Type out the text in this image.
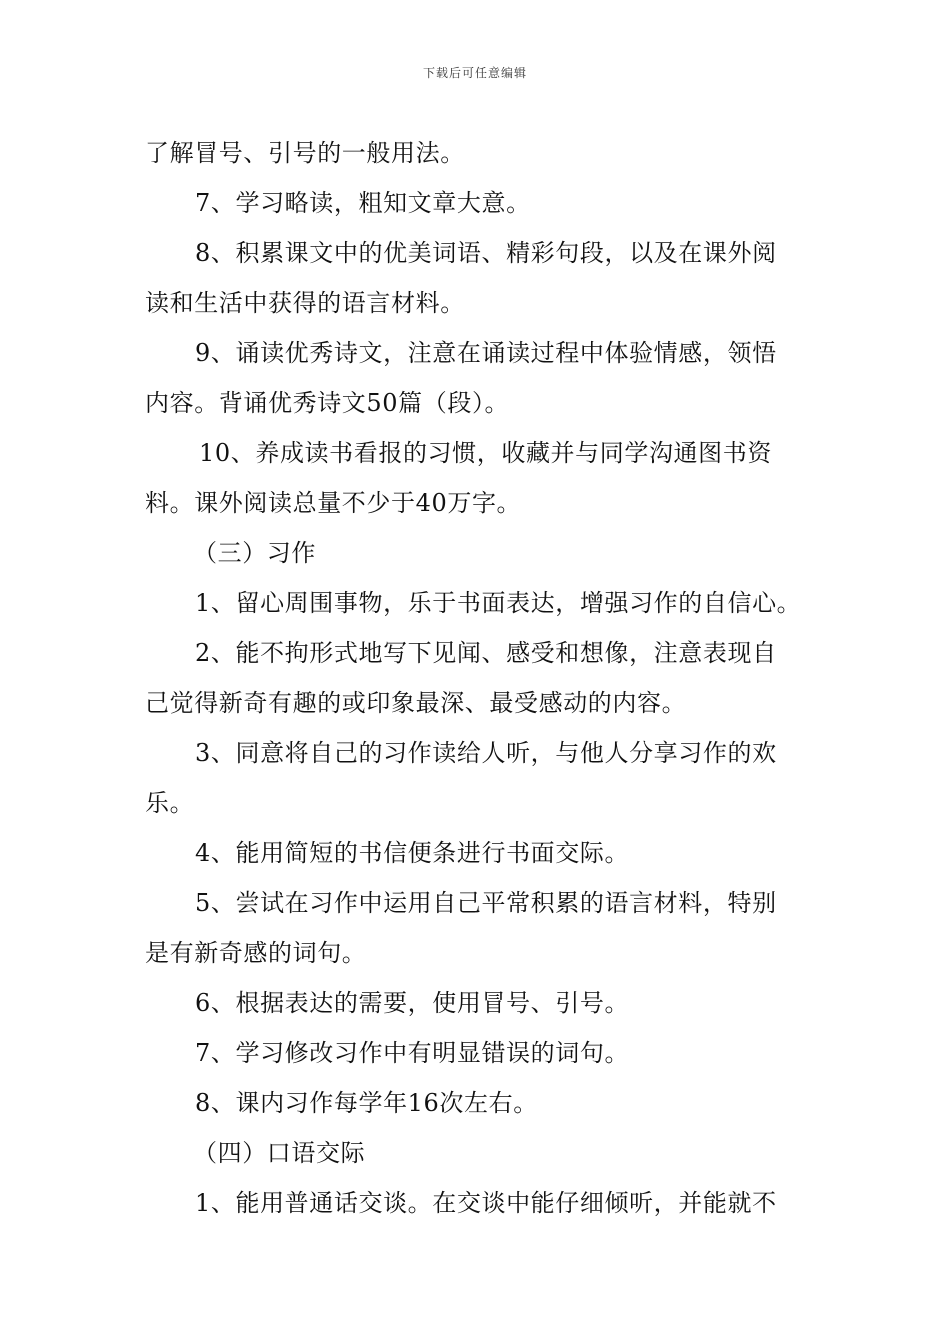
下载后可任意编辑
了解冒号、引号的一般用法。
7、学习略读，粗知文章大意。
8、积累课文中的优美词语、精彩句段，以及在课外阅
读和生活中获得的语言材料。
9、诵读优秀诗文，注意在诵读过程中体验情感，领悟
内容。背诵优秀诗文50篇（段）。
10、养成读书看报的习惯，收藏并与同学沟通图书资
料。课外阅读总量不少于40万字。
（三）习作
1、留心周围事物，乐于书面表达，增强习作的自信心。
2、能不拘形式地写下见闻、感受和想像，注意表现自
己觉得新奇有趣的或印象最深、最受感动的内容。
3、同意将自己的习作读给人听，与他人分享习作的欢
乐。
4、能用简短的书信便条进行书面交际。
5、尝试在习作中运用自己平常积累的语言材料，特别
是有新奇感的词句。
6、根据表达的需要，使用冒号、引号。
7、学习修改习作中有明显错误的词句。
8、课内习作每学年16次左右。
（四）口语交际
1、能用普通话交谈。在交谈中能仔细倾听，并能就不
